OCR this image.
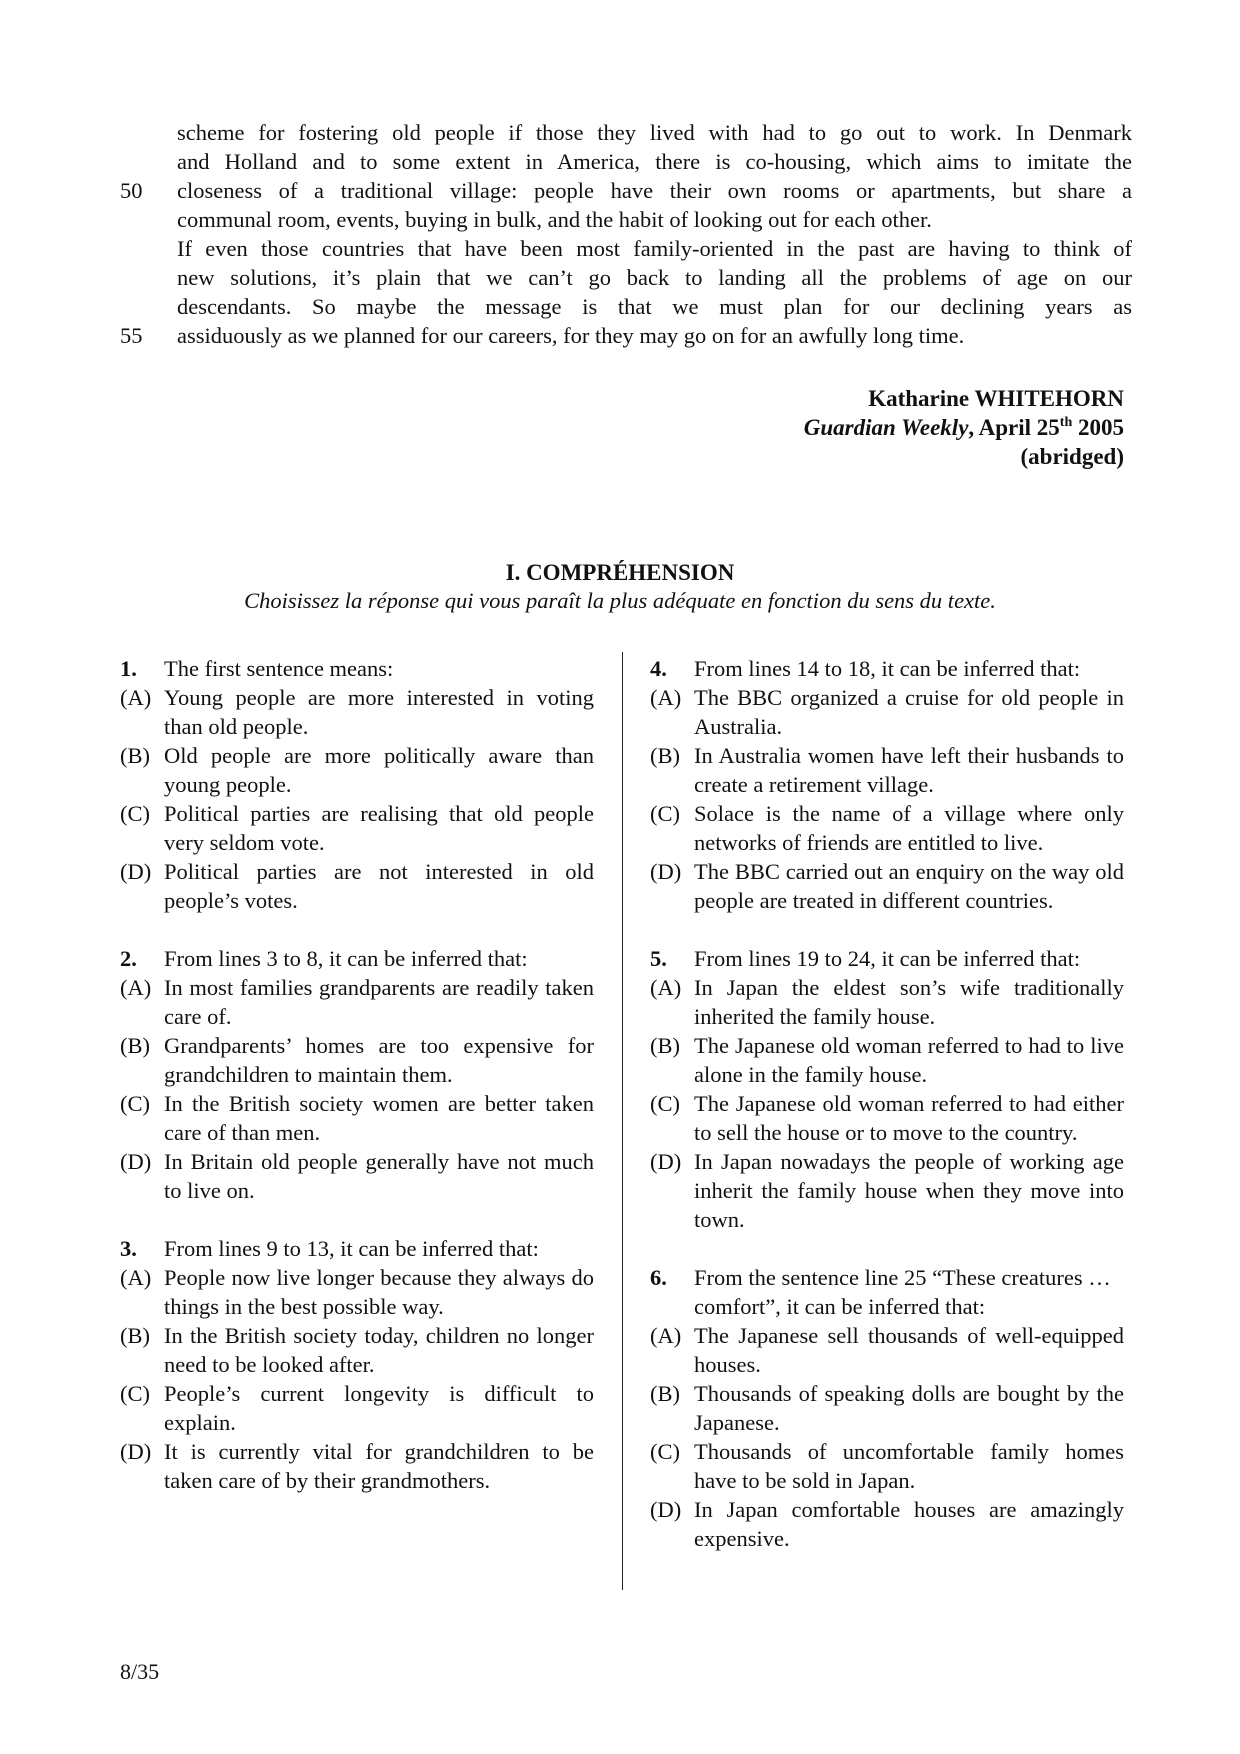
scheme for fostering old people if those they lived with had to go out to work. In Denmark
and Holland and to some extent in America, there is co-housing, which aims to imitate the
50	closeness of a traditional village: people have their own rooms or apartments, but share a
communal room, events, buying in bulk, and the habit of looking out for each other.
If even those countries that have been most family-oriented in the past are having to think of
new solutions, it’s plain that we can’t go back to landing all the problems of age on our
descendants. So maybe the message is that we must plan for our declining years as
55	assiduously as we planned for our careers, for they may go on for an awfully long time.
Katharine WHITEHORN
Guardian Weekly, April 25th 2005
(abridged)
I. COMPRÉHENSION
Choisissez la réponse qui vous paraît la plus adéquate en fonction du sens du texte.
1.	The first sentence means:
(A) Young people are more interested in voting than old people.
(B) Old people are more politically aware than young people.
(C) Political parties are realising that old people very seldom vote.
(D) Political parties are not interested in old people’s votes.
2.	From lines 3 to 8, it can be inferred that:
(A) In most families grandparents are readily taken care of.
(B) Grandparents’ homes are too expensive for grandchildren to maintain them.
(C) In the British society women are better taken care of than men.
(D) In Britain old people generally have not much to live on.
3.	From lines 9 to 13, it can be inferred that:
(A) People now live longer because they always do things in the best possible way.
(B) In the British society today, children no longer need to be looked after.
(C) People’s current longevity is difficult to explain.
(D) It is currently vital for grandchildren to be taken care of by their grandmothers.
4.	From lines 14 to 18, it can be inferred that:
(A) The BBC organized a cruise for old people in Australia.
(B) In Australia women have left their husbands to create a retirement village.
(C) Solace is the name of a village where only networks of friends are entitled to live.
(D) The BBC carried out an enquiry on the way old people are treated in different countries.
5.	From lines 19 to 24, it can be inferred that:
(A) In Japan the eldest son’s wife traditionally inherited the family house.
(B) The Japanese old woman referred to had to live alone in the family house.
(C) The Japanese old woman referred to had either to sell the house or to move to the country.
(D) In Japan nowadays the people of working age inherit the family house when they move into town.
6.	From the sentence line 25 “These creatures … comfort”, it can be inferred that:
(A) The Japanese sell thousands of well-equipped houses.
(B) Thousands of speaking dolls are bought by the Japanese.
(C) Thousands of uncomfortable family homes have to be sold in Japan.
(D) In Japan comfortable houses are amazingly expensive.
8/35
